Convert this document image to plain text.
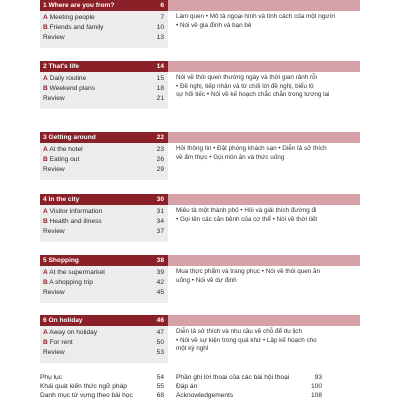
1 Where are you from?	6
A Meeting people	7
B Friends and family	10
Review	13
Làm quen • Mô tả ngoại hình và tính cách của một người
• Nói về gia đình và bạn bè
2 That's life	14
A Daily routine	15
B Weekend plans	18
Review	21
Nói về thói quen thường ngày và thời gian rảnh rỗi
• Đề nghị, tiếp nhận và từ chối lời đề nghị, biểu lộ
sự hối tiếc • Nói về kế hoạch chắc chắn trong tương lai
3 Getting around	22
A At the hotel	23
B Eating out	26
Review	29
Hỏi thông tin • Đặt phòng khách sạn • Diễn tả sở thích
về ẩm thực • Gọi món ăn và thức uống
4 In the city	30
A Visitor information	31
B Health and illness	34
Review	37
Miêu tả một thành phố • Hỏi và giải thích đường đi
• Gọi tên các căn bệnh của cơ thể • Nói về thời tiết
5 Shopping	38
A At the supermarket	39
B A shopping trip	42
Review	45
Mua thực phẩm và trang phục • Nói về thói quen ăn
uống • Nói về dự định
6 On holiday	46
A Away on holiday	47
B For rent	50
Review	53
Diễn tả sở thích và nhu cầu về chỗ để du lịch
• Nói về sự kiện trong quá khứ • Lập kế hoạch cho
một kỳ nghỉ
Phụ lục	54
Khái quát kiến thức ngữ pháp	55
Danh mục từ vựng theo bài học	68
Phần ghi lời thoại của các bài hội thoại	93
Đáp án	100
Acknowledgements	108
